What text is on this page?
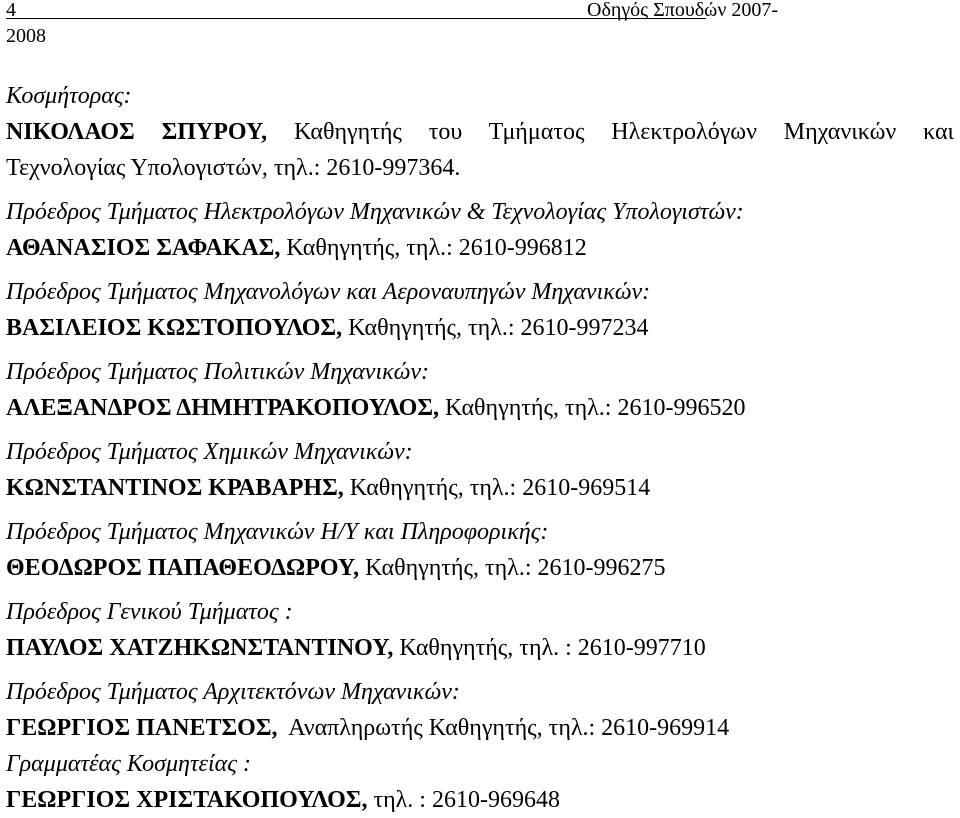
4	Οδηγός Σπουδών 2007-
2008
Κοσμήτορας:
ΝΙΚΟΛΑΟΣ ΣΠΥΡΟΥ, Καθηγητής του Τμήματος Ηλεκτρολόγων Μηχανικών και
Τεχνολογίας Υπολογιστών, τηλ.: 2610-997364.
Πρόεδρος Τμήματος Ηλεκτρολόγων Μηχανικών & Τεχνολογίας Υπολογιστών:
ΑΘΑΝΑΣΙΟΣ ΣΑΦΑΚΑΣ, Καθηγητής, τηλ.: 2610-996812
Πρόεδρος Τμήματος Μηχανολόγων και Αεροναυπηγών Μηχανικών:
ΒΑΣΙΛΕΙΟΣ ΚΩΣΤΟΠΟΥΛΟΣ, Καθηγητής, τηλ.: 2610-997234
Πρόεδρος Τμήματος Πολιτικών Μηχανικών:
ΑΛΕΞΑΝΔΡΟΣ ΔΗΜΗΤΡΑΚΟΠΟΥΛΟΣ, Καθηγητής, τηλ.: 2610-996520
Πρόεδρος Τμήματος Χημικών Μηχανικών:
ΚΩΝΣΤΑΝΤΙΝΟΣ ΚΡΑΒΑΡΗΣ, Καθηγητής, τηλ.: 2610-969514
Πρόεδρος Τμήματος Μηχανικών Η/Υ και Πληροφορικής:
ΘΕΟΔΩΡΟΣ ΠΑΠΑΘΕΟΔΩΡΟΥ, Καθηγητής, τηλ.: 2610-996275
Πρόεδρος Γενικού Τμήματος :
ΠΑΥΛΟΣ ΧΑΤΖΗΚΩΝΣΤΑΝΤΙΝΟΥ, Καθηγητής, τηλ. : 2610-997710
Πρόεδρος Τμήματος Αρχιτεκτόνων Μηχανικών:
ΓΕΩΡΓΙΟΣ ΠΑΝΕΤΣΟΣ,  Αναπληρωτής Καθηγητής, τηλ.: 2610-969914
Γραμματέας Κοσμητείας :
ΓΕΩΡΓΙΟΣ ΧΡΙΣΤΑΚΟΠΟΥΛΟΣ, τηλ. : 2610-969648
